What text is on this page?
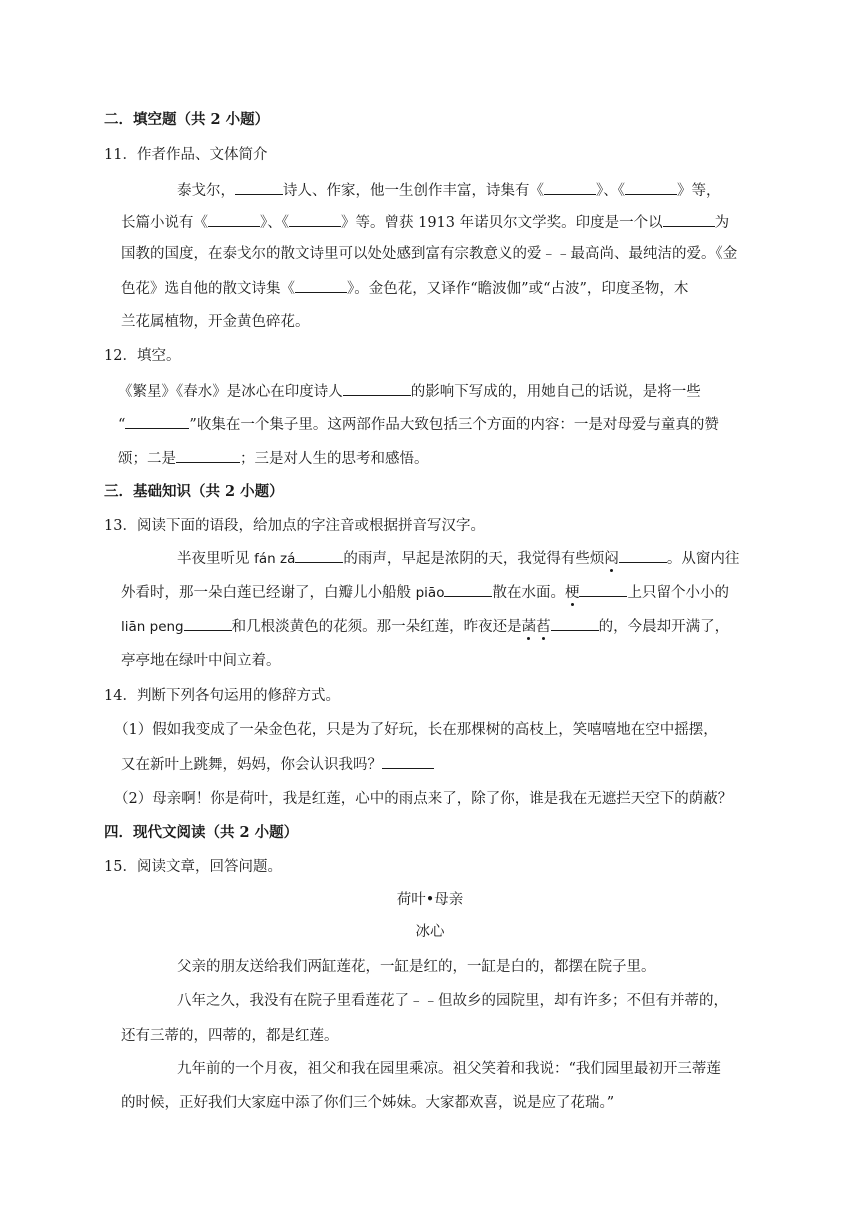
二．填空题（共 2 小题）
11．作者作品、文体简介
泰戈尔，	诗人、作家，他一生创作丰富，诗集有《	》、《	》等，
长篇小说有《	》、《	》等。曾获 1913 年诺贝尔文学奖。印度是一个以	为
国教的国度，在泰戈尔的散文诗里可以处处感到富有宗教意义的爱﹣﹣最高尚、最纯洁的爱。《金
色花》选自他的散文诗集《	》。金色花，又译作“瞻波伽”或“占波”，印度圣物，木
兰花属植物，开金黄色碎花。
12．填空。
《繁星》《春水》是冰心在印度诗人	的影响下写成的，用她自己的话说，是将一些
“	”收集在一个集子里。这两部作品大致包括三个方面的内容：一是对母爱与童真的赞
颂；二是	；三是对人生的思考和感悟。
三．基础知识（共 2 小题）
13．阅读下面的语段，给加点的字注音或根据拼音写汉字。
半夜里听见 fán zá	的雨声，早起是浓阴的天，我觉得有些烦闷	。从窗内往
外看时，那一朵白莲已经谢了，白瓣儿小船般 piāo	散在水面。梗	上只留个小小的
liān peng	和几根淡黄色的花须。那一朵红莲，昨夜还是菡萏	的，今晨却开满了，
亭亭地在绿叶中间立着。
14．判断下列各句运用的修辞方式。
（1）假如我变成了一朵金色花，只是为了好玩，长在那棵树的高枝上，笑嘻嘻地在空中摇摆，
又在新叶上跳舞，妈妈，你会认识我吗？
（2）母亲啊！你是荷叶，我是红莲，心中的雨点来了，除了你，谁是我在无遮拦天空下的荫蔽？
四．现代文阅读（共 2 小题）
15．阅读文章，回答问题。
荷叶•母亲
冰心
父亲的朋友送给我们两缸莲花，一缸是红的，一缸是白的，都摆在院子里。
八年之久，我没有在院子里看莲花了﹣﹣但故乡的园院里，却有许多；不但有并蒂的，
还有三蒂的，四蒂的，都是红莲。
九年前的一个月夜，祖父和我在园里乘凉。祖父笑着和我说：“我们园里最初开三蒂莲
的时候，正好我们大家庭中添了你们三个姊妹。大家都欢喜，说是应了花瑞。”
